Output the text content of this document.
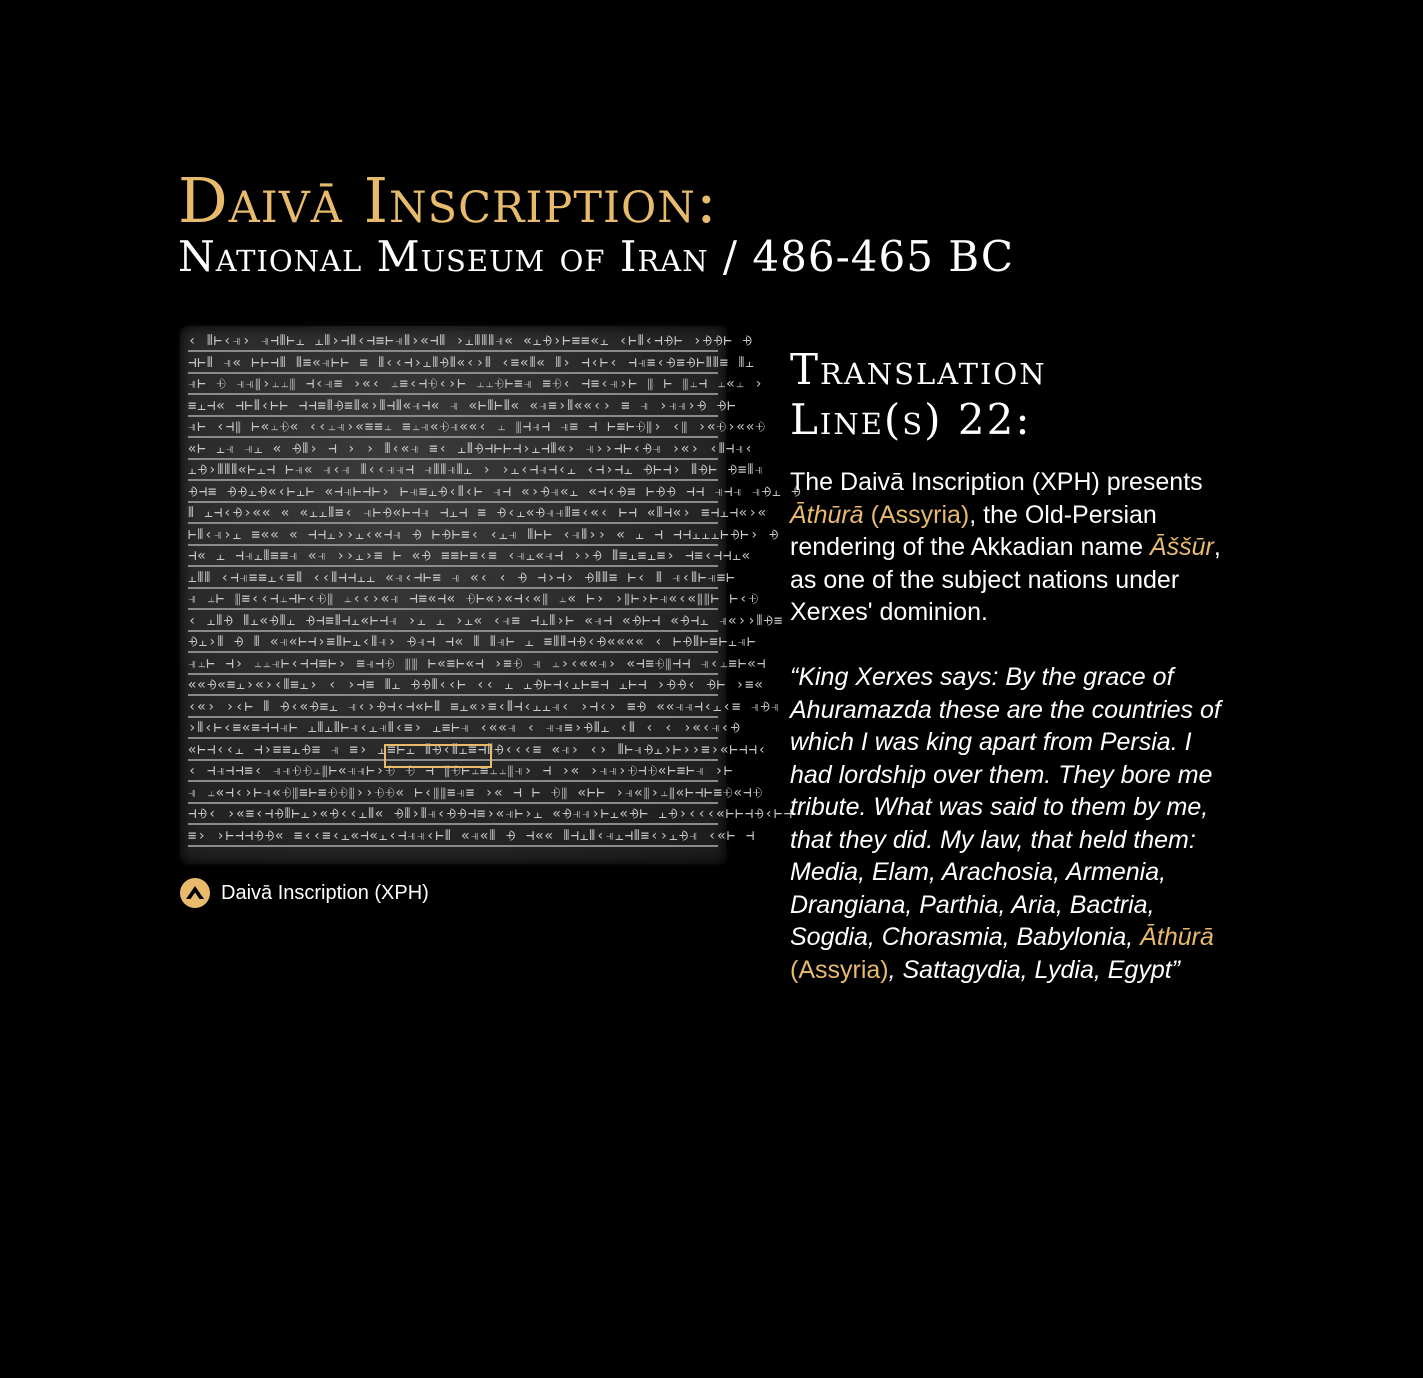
Daivā Inscription:
National Museum of Iran / 486-465 BC
‹ ⫴⊢‹⫣› ⫣⊣⫴⊢⫠ ⫠⫴›⊣⫴‹⊣≡⊢⫣⫴›«⊣⫴ ›⫠⫴⫴⫴⫣« «⫠⨮›⊢≡≡«⫠ ‹⊢⫴‹⊣⨮⊢ ›⨮⨮⊢ ⨮
⊣⊢⫴ ⫣« ⊢⊢⊣⫴ ⫴≡«⫣⊢⊢ ≡ ⫴‹‹⊣›⫠⫴⨮⫴«‹›⫴ ‹≡«⫴« ⫴› ⊣‹⊢‹ ⊣⫣≡‹⨮≡⨮⊢⫴⫴≡ ⫴⫠
⫣⊢ ⨮ ⫣⫣⫴›⫠⫠⫴ ⊣‹⫣≡ ›«‹ ⫠≡‹⊣⨮‹›⊢ ⫠⫠⨮⊢≡⫣ ≡⨮‹ ⊣≡‹⫣›⊢ ⫴ ⊢ ⫴⫠⊣ ⫠«⫠ ›
≡⫠⊣« ⊣⊢⫴‹⊢⊢ ⊣⊣≡⫴⨮≡⫴«›⫴⊣⫴«⫣⊣« ⫣ «⊢⫴⊢⫴« «⫣≡›⫴««‹› ≡ ⫣ ›⫣⫣›⨮ ⨮⊢
⫣⊢ ‹⊣⫴ ⊢«⫠⨮« ‹‹⫠⫣›«≡≡⫠ ≡⫠⫣«⨮⫣««‹ ⫠ ⫴⊣⫣⊣ ⫣≡ ⊣ ⊢≡⊢⨮⫴› ‹⫴ ›«⨮›««⨮
«⊢ ⫠⫣ ⫣⫠ « ⨮⫴› ⊣ › › ⫴‹«⫣ ≡‹ ⫠⫴⨮⊣⊢⊢⊣›⫠⊣⫴«› ⫣››⊣⊢‹⨮⫣ ›«› ‹⫴⊣⫣‹
⫠⨮›⫴⫴⫴«⊢⫠⊣ ⊢⫣« ⫣‹⫣ ⫴‹‹⫣⫣⊣ ⫣⫴⫴⫣⫴⫠ › ›⫠‹⊣⫣⊣‹⫠ ‹⊣›⊣⫠ ⨮⊢⊣› ⫴⨮⊢ ⨮≡⫴⫣
⨮⊣≡ ⨮⨮⫠⨮«‹⊢⫠⊢ «⊣⫣⊢⊣⊢› ⊢⫣≡⫠⨮‹⫴‹⊢ ⫣⊣ «›⨮⫣«⫠ «⊣‹⨮≡ ⊢⨮⨮ ⊣⊣ ⫣⊣⫣ ⫣⨮⫠ ⨮
⫴ ⫠⊣‹⨮›«« « «⫠⫠⫴≡‹ ⫣⊢⨮«⊢⊣⫣ ⊣⫠⊣ ≡ ⨮‹⫠«⨮⫣⫣⫴≡‹«‹ ⊢⊣ «⫴⊣«› ≡⊣⫠⊣«›«
⊢⫴‹⫣›⫠ ≡«« « ⊣⊣⫠››⫠‹«⊣⫣ ⨮ ⊢⨮⊢≡‹ ‹⫠⫣ ⫴⊢⊢ ‹⫣⫴›› « ⫠ ⊣ ⊣⊣⫠⫠⫠⊢⨮⊢› ⨮
⊣« ⫠ ⊣⫣⫠⫴≡≡⫣ «⫣ ››⫠›≡ ⊢ «⨮ ≡≡⊢≡‹≡ ‹⫣⫠«⫣⊣ ››⨮ ⫴≡⫠≡⫠≡› ⊣≡‹⊣⊣⫠«
⫠⫴⫴ ‹⊣⫣≡≡⫠‹≡⫴ ‹‹⫴⊣⊣⫠⫠ «⫣‹⊣⊢≡ ⫣ «‹ ‹ ⨮ ⊣›⊣› ⨮⫴⫴≡ ⊢‹ ⫴ ⫣‹⫴⊢⫣≡⊢
⫣ ⫠⊢ ⫴≡‹‹⊣⫠⊣⊢‹⨮⫴ ⫠‹‹›«⫣ ⊣≡«⊣« ⨮⊢«›«⊣‹«⫴ ⫠« ⊢› ›⫴⊢›⊢⫣«‹«⫴⫴⊢ ⊢‹⨮
‹ ⫠⫴⨮ ⫴⫠«⨮⫴⫠ ⨮⊣≡⫴⊣⫠«⊢⊣⫣ ›⫠ ⫠ ›⫠« ‹⫣≡ ⊣⫠⫴›⊢ «⫣⊣ «⨮⊢⊣ «⨮⊣⫠ ⫣«››⫴⨮≡
⨮⫠›⫴ ⨮ ⫴ «⫣«⊢⊣›≡⫴⊢⫠‹⫴⫣› ⨮⫣⊣ ⊣« ⫴ ⫴⫣⊢ ⫠ ≡⫴⫴⊣⨮‹⨮«««« ‹ ⊢⨮⫴⊢≡⊢⫠⫣⊢
⫣⫠⊢ ⊣› ⫠⫠⫣⊢‹⊣⊣≡⊢› ≡⫣⊣⨮ ⫴⫴ ⊢«≡⊢«⊣ ›≡⨮ ⫣ ⫠›‹««⫣› «⊣≡⨮⫴⊣⊣ ⫣‹⫠≡⊢«⊣
««⨮«≡⫠›«›‹⫴≡⫠› ‹ ›⊣≡ ⫴⫠ ⨮⨮⫴‹‹⊢ ‹‹ ⫠ ⫠⨮⊢⊣‹⫠⊢≡⊣ ⫠⊢⊣ ›⨮⨮‹ ⨮⊢ ›≡«
‹«› ›‹⊢ ⫴ ⨮‹«⨮≡⫠ ⫣‹›⨮⊣‹⊣«⊢⫴ ≡⫠«›≡‹⫴⊣‹⫠⫠⫣‹ ›⊣‹› ≡⨮ ««⫣⫣⊣‹⫠‹≡ ⫣⨮⫣
›⫴‹⊢‹≡«≡⊣⊣⫣⊢ ⫠⫴⫠⫴⊢⫣‹⫠⫣⫴‹≡› ⫠≡⊢⫣ ‹««⫣ ‹ ⫣⫣≡›⨮⫴⫠ ‹⫴ ‹ ‹ ›«‹⫣‹⨮
«⊢⊣‹‹⫠ ⊣›≡≡⫠⨮≡ ⫣ ≡› ⫠≡⊢⫠ ⫴⨮‹⫴⫠≡⊣⫴⨮‹‹‹≡ «⫣› ‹› ⫴⊢⫣⨮⫠›⊢››≡›«⊢⊣⊣‹
‹ ⊣⫣⊣⊣≡‹ ⫣⫣⨮⨮⫠⫴⊢«⫣⫣⊢›⨮ ⨮ ⊣ ⫴⨮⊢⫠≡⫠⫠⫴⫣› ⊣ ›« ›⫣⫣›⨮⊣⨮«⊢≡⊢⫣ ›⊢
⫣ ⫠«⊣‹›⊢⫣«⨮⫴≡⊢≡⨮⨮⫴››⨮⨮« ⊢‹⫴⫴≡⫣≡ ›« ⊣ ⊢ ⨮⫴ «⊢⊢ ›⫣«⫴›⫠⫴«⊢⊣⊢≡⨮«⊣⨮
⊣⨮‹ ›«≡‹⊣⨮⫴⊢⫠›«⨮‹‹⫠⫴« ⨮⫴›⫴⫣‹⨮⨮⊣≡›«⫣⊢›⫠ «⨮⫣⫣›⊢⫠«⨮⊢ ⫠⨮›‹‹‹«⊢⊢⊣⨮‹⊢⊣
≡› ›⊢⊣⊣⨮⨮« ≡‹‹≡‹⫠«⊣«⫠‹⊣⫣⫣‹⊢⫴ «⫣«⫴ ⨮ ⊣«« ⫴⊣⫠⫴‹⫣⫠⊣⫴≡‹›⫠⨮⫣ ‹«⊢ ⊣
Daivā Inscription (XPH)
Translation
Line(s) 22:

The Daivā Inscription (XPH) presents Āthūrā (Assyria), the Old-Persian rendering of the Akkadian name Āššūr, as one of the subject nations under Xerxes' dominion.

“King Xerxes says: By the grace of Ahuramazda these are the countries of which I was king apart from Persia. I had lordship over them. They bore me tribute. What was said to them by me, that they did. My law, that held them: Media, Elam, Arachosia, Armenia, Drangiana, Parthia, Aria, Bactria, Sogdia, Chorasmia, Babylonia, Āthūrā (Assyria), Sattagydia, Lydia, Egypt”
